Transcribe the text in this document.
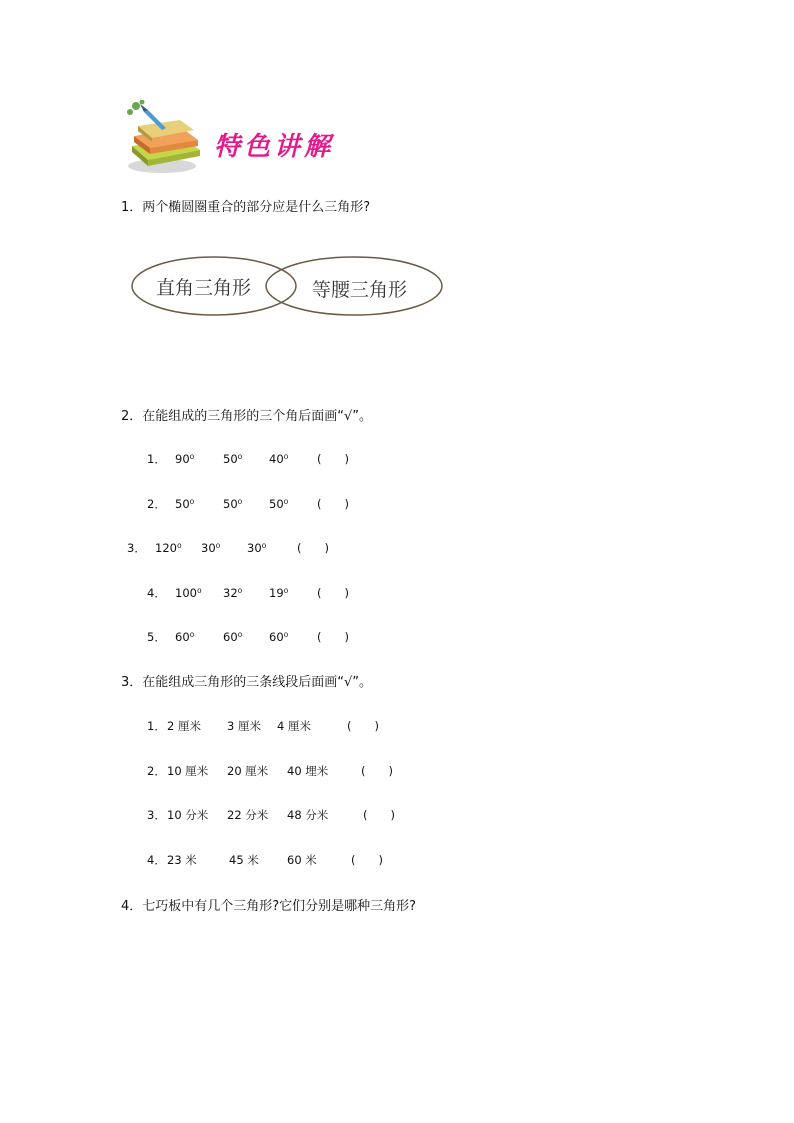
特色讲解
1．两个椭圆圈重合的部分应是什么三角形?
直角三角形	等腰三角形
2．在能组成的三角形的三个角后面画“√”。
1． 90⁰	50⁰ 40⁰	(　　)
2． 50⁰	50⁰ 50⁰	(　　)
3． 120⁰ 30⁰ 30⁰	(　　)
4． 100⁰ 32⁰ 19⁰	(　　)
5． 60⁰	60⁰ 60⁰	(　　)
3．在能组成三角形的三条线段后面画“√”。
1．2 厘米 3 厘米 4 厘米	(　　)
2．10 厘米 20 厘米 40 埋米	(　　)
3．10 分米 22 分米 48 分米	(　　)
4．23 米	45 米 60 米	(　　)
4．七巧板中有几个三角形?它们分别是哪种三角形?
